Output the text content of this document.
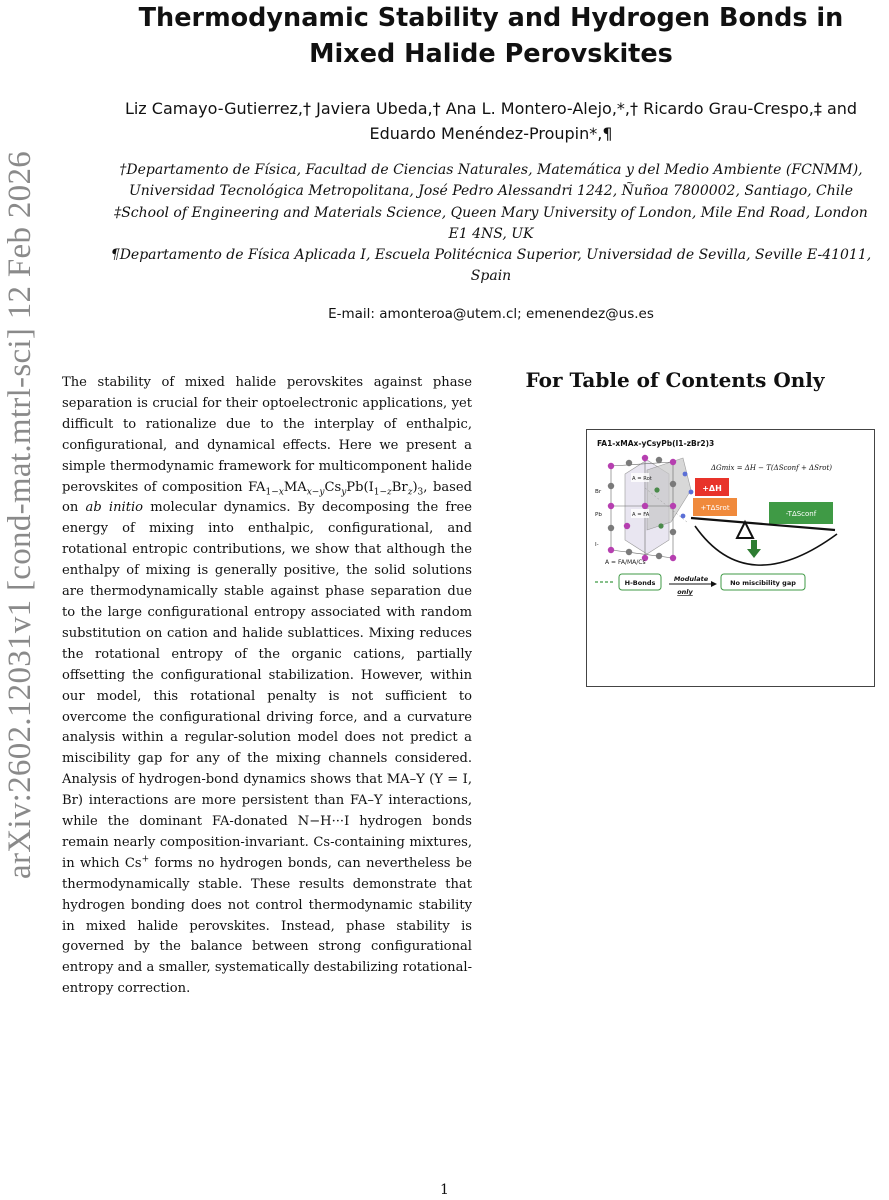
arXiv:2602.12031v1 [cond-mat.mtrl-sci] 12 Feb 2026
Thermodynamic Stability and Hydrogen Bonds in Mixed Halide Perovskites
Liz Camayo-Gutierrez,† Javiera Ubeda,† Ana L. Montero-Alejo,*,† Ricardo Grau-Crespo,‡ and
Eduardo Menéndez-Proupin*,¶
†Departamento de Física, Facultad de Ciencias Naturales, Matemática y del Medio Ambiente (FCNMM),
Universidad Tecnológica Metropolitana, José Pedro Alessandri 1242, Ñuñoa 7800002, Santiago, Chile
‡School of Engineering and Materials Science, Queen Mary University of London, Mile End Road, London
E1 4NS, UK
¶Departamento de Física Aplicada I, Escuela Politécnica Superior, Universidad de Sevilla, Seville E-41011,
Spain
E-mail: amonteroa@utem.cl; emenendez@us.es
The stability of mixed halide perovskites against phase separation is crucial for their optoelectronic applications, yet difficult to rationalize due to the interplay of enthalpic, configurational, and dynamical effects. Here we present a simple thermodynamic framework for multicomponent halide perovskites of composition $FA_{1-x}MA_{x-y}Cs_yPb(I_{1-z}Br_z)_3$, based on ab initio molecular dynamics. By decomposing the free energy of mixing into enthalpic, configurational, and rotational entropic contributions, we show that although the enthalpy of mixing is generally positive, the solid solutions are thermodynamically stable against phase separation due to the large configurational entropy associated with random substitution on cation and halide sublattices. Mixing reduces the rotational entropy of the organic cations, partially offsetting the configurational stabilization. However, within our model, this rotational penalty is not sufficient to overcome the configurational driving force, and a curvature analysis within a regular-solution model does not predict a miscibility gap for any of the mixing channels considered. Analysis of hydrogen-bond dynamics shows that MA–Y (Y = I, Br) interactions are more persistent than FA–Y interactions, while the dominant FA-donated N−H···I hydrogen bonds remain nearly composition-invariant. Cs-containing mixtures, in which Cs+ forms no hydrogen bonds, can nevertheless be thermodynamically stable. These results demonstrate that hydrogen bonding does not control thermodynamic stability in mixed halide perovskites. Instead, phase stability is governed by the balance between strong configurational entropy and a smaller, systematically destabilizing rotational-entropy correction.
For Table of Contents Only
FA1-xMAx-yCsyPb(I1-zBr2)3
A = Rot
A = FA
Br
Pb
I-
A = FA/MA/Cs
ΔGmix = ΔH − T(ΔSconf + ΔSrot)
+ΔH
+TΔSrot
-TΔSconf
H-Bonds	Modulate
only
No miscibility gap
1
